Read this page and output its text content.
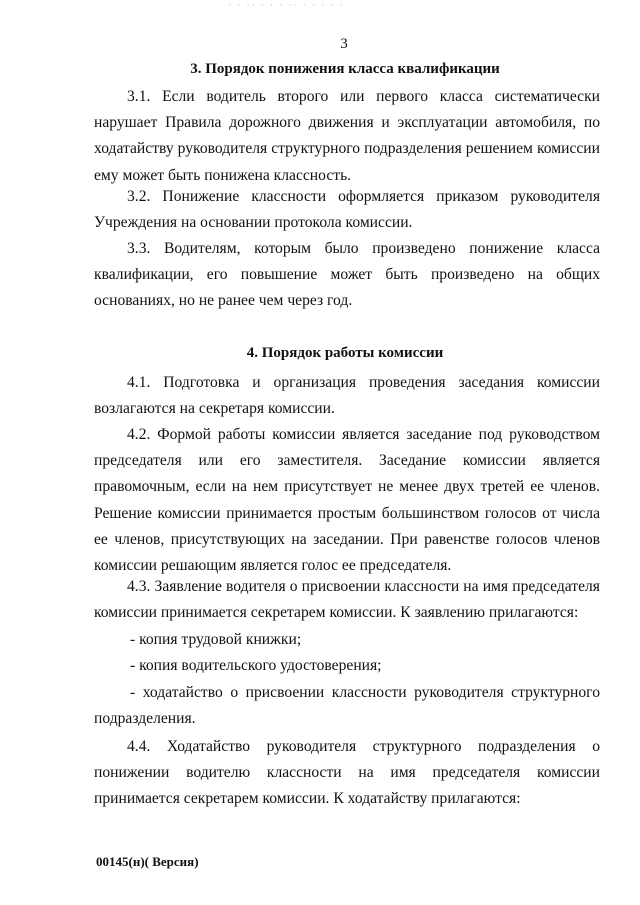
· · ·· · · · ·· · · · · ·
3
3. Порядок понижения класса квалификации

3.1. Если водитель второго или первого класса систематически нарушает Правила дорожного движения и эксплуатации автомобиля, по ходатайству руководителя структурного подразделения решением комиссии ему может быть понижена классность.

3.2. Понижение классности оформляется приказом руководителя Учреждения на основании протокола комиссии.

3.3. Водителям, которым было произведено понижение класса квалификации, его повышение может быть произведено на общих основаниях, но не ранее чем через год.

4. Порядок работы комиссии

4.1. Подготовка и организация проведения заседания комиссии возлагаются на секретаря комиссии.

4.2. Формой работы комиссии является заседание под руководством председателя или его заместителя. Заседание комиссии является правомочным, если на нем присутствует не менее двух третей ее членов. Решение комиссии принимается простым большинством голосов от числа ее членов, присутствующих на заседании. При равенстве голосов членов комиссии решающим является голос ее председателя.

4.3. Заявление водителя о присвоении классности на имя председателя комиссии принимается секретарем комиссии. К заявлению прилагаются:

- копия трудовой книжки;

- копия водительского удостоверения;

- ходатайство о присвоении классности руководителя структурного подразделения.

4.4. Ходатайство руководителя структурного подразделения о понижении водителю классности на имя председателя комиссии принимается секретарем комиссии. К ходатайству прилагаются:

00145(н)( Версия)
